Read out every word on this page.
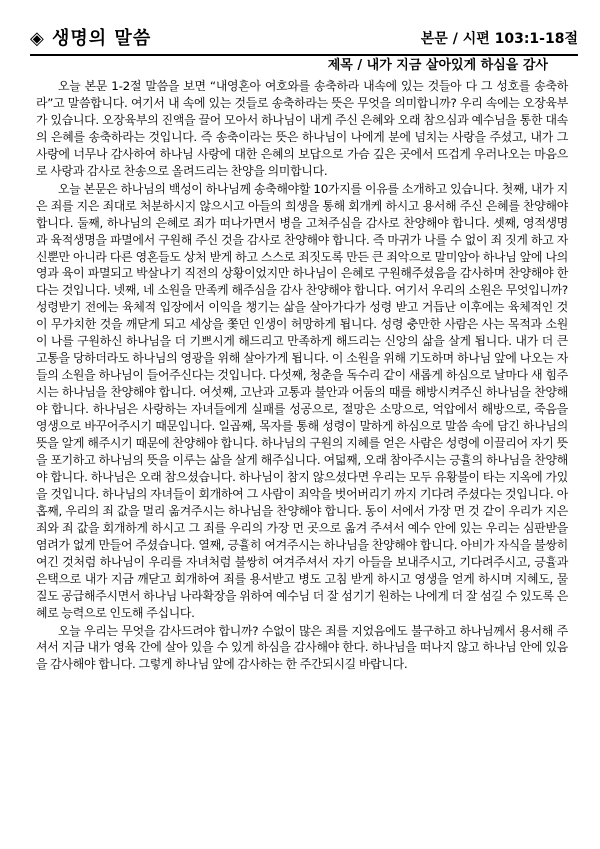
◈ 생명의 말씀	본문 / 시편 103:1-18절
제목 / 내가 지금 살아있게 하심을 감사

오늘 본문 1-2절 말씀을 보면 “내영혼아 여호와를 송축하라 내속에 있는 것들아 다 그 성호를 송축하라”고 말씀합니다. 여기서 내 속에 있는 것들로 송축하라는 뜻은 무엇을 의미합니까? 우리 속에는 오장육부가 있습니다. 오장육부의 진액을 끌어 모아서 하나님이 내게 주신 은혜와 오래 참으심과 예수님을 통한 대속의 은혜를 송축하라는 것입니다. 즉 송축이라는 뜻은 하나님이 나에게 분에 넘치는 사랑을 주셨고, 내가 그 사랑에 너무나 감사하여 하나님 사랑에 대한 은혜의 보답으로 가슴 깊은 곳에서 뜨겁게 우러나오는 마음으로 사랑과 감사로 찬송으로 올려드리는 찬양을 의미합니다.

오늘 본문은 하나님의 백성이 하나님께 송축해야할 10가지를 이유를 소개하고 있습니다. 첫째, 내가 지은 죄를 지은 죄대로 처분하시지 않으시고 아들의 희생을 통해 회개케 하시고 용서해 주신 은혜를 찬양해야 합니다. 둘째, 하나님의 은혜로 죄가 떠나가면서 병을 고쳐주심을 감사로 찬양해야 합니다. 셋째, 영적생명과 육적생명을 파멸에서 구원해 주신 것을 감사로 찬양해야 합니다. 즉 마귀가 나를 수 없이 죄 짓게 하고 자신뿐만 아니라 다른 영혼들도 상처 받게 하고 스스로 죄짓도록 만든 큰 죄악으로 말미암아 하나님 앞에 나의 영과 육이 파멸되고 박살나기 직전의 상황이었지만 하나님이 은혜로 구원해주셨음을 감사하며 찬양해야 한다는 것입니다. 넷째, 네 소원을 만족케 해주심을 감사 찬양해야 합니다. 여기서 우리의 소원은 무엇입니까? 성령받기 전에는 육체적 입장에서 이익을 챙기는 삶을 살아가다가 성령 받고 거듭난 이후에는 육체적인 것이 무가치한 것을 깨닫게 되고 세상을 쫓던 인생이 허망하게 됩니다. 성령 충만한 사람은 사는 목적과 소원이 나를 구원하신 하나님을 더 기쁘시게 해드리고 만족하게 해드리는 신앙의 삶을 살게 됩니다. 내가 더 큰 고통을 당하더라도 하나님의 영광을 위해 살아가게 됩니다. 이 소원을 위해 기도하며 하나님 앞에 나오는 자들의 소원을 하나님이 들어주신다는 것입니다. 다섯째, 청춘을 독수리 같이 새롭게 하심으로 날마다 새 힘주시는 하나님을 찬양해야 합니다. 여섯째, 고난과 고통과 불안과 어둠의 때를 해방시켜주신 하나님을 찬양해야 합니다. 하나님은 사랑하는 자녀들에게 실패를 성공으로, 절망은 소망으로, 억압에서 해방으로, 죽음을 영생으로 바꾸어주시기 때문입니다. 일곱째, 목자를 통해 성령이 말하게 하심으로 말씀 속에 담긴 하나님의 뜻을 알게 해주시기 때문에 찬양해야 합니다. 하나님의 구원의 지혜를 얻은 사람은 성령에 이끌리어 자기 뜻을 포기하고 하나님의 뜻을 이루는 삶을 살게 해주십니다. 여덟째, 오래 참아주시는 긍휼의 하나님을 찬양해야 합니다. 하나님은 오래 참으셨습니다. 하나님이 참지 않으셨다면 우리는 모두 유황불이 타는 지옥에 가있을 것입니다. 하나님의 자녀들이 회개하여 그 사람이 죄악을 벗어버리기 까지 기다려 주셨다는 것입니다. 아홉째, 우리의 죄 값을 멀리 옮겨주시는 하나님을 찬양해야 합니다. 동이 서에서 가장 먼 것 같이 우리가 지은 죄와 죄 값을 회개하게 하시고 그 죄를 우리의 가장 먼 곳으로 옮겨 주셔서 예수 안에 있는 우리는 심판받을 염려가 없게 만들어 주셨습니다. 열째, 긍휼히 여겨주시는 하나님을 찬양해야 합니다. 아비가 자식을 불쌍히 여긴 것처럼 하나님이 우리를 자녀처럼 불쌍히 여겨주셔서 자기 아들을 보내주시고, 기다려주시고, 긍휼과 은택으로 내가 지금 깨닫고 회개하여 죄를 용서받고 병도 고침 받게 하시고 영생을 얻게 하시며 지혜도, 물질도 공급해주시면서 하나님 나라확장을 위하여 예수님 더 잘 섬기기 원하는 나에게 더 잘 섬길 수 있도록 은혜로 능력으로 인도해 주십니다.

오늘 우리는 무엇을 감사드려야 합니까? 수없이 많은 죄를 지었음에도 불구하고 하나님께서 용서해 주셔서 지금 내가 영육 간에 살아 있을 수 있게 하심을 감사해야 한다. 하나님을 떠나지 않고 하나님 안에 있음을 감사해야 합니다. 그렇게 하나님 앞에 감사하는 한 주간되시길 바랍니다.
